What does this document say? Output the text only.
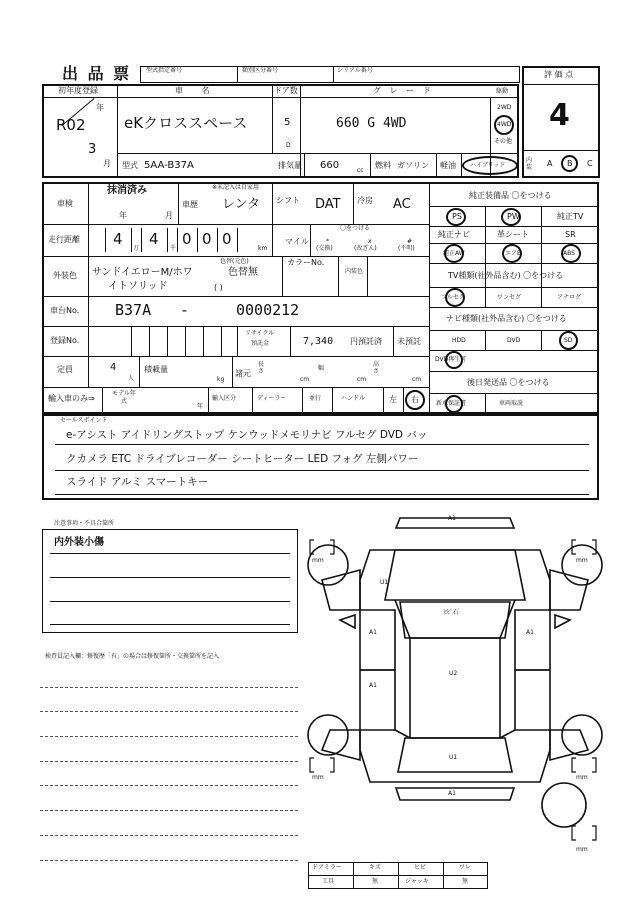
出 品 票 型式指定番号	類別区分番号	シリアル番号	評 価 点
4
内装 A B C
初年度登録
年
R02
3
月
車 名
eKクロススペース
ドア数
5
D
グ レ ー ド
660 G 4WD
駆動
2WD
4WD
その他
型式 5AA-B37A	排気量 660	cc
燃料 ガソリン 軽油 ハイブリッド
車検
抹消済み
年	月
※未記入は自家用
車歴 レンタ シフト DAT 冷房 AC
走行距離 4
万
4
千
0 0 0
km
マイル
〇をつける
*
(交換)
x
(改ざん)
#
(不明)
外装色
色替(元色)
サンドイエローM/ホワ	色替無
イトソリッド	( )
カラーNo.
内装色
車台No. B37A -	0000212
登録No.
リサイクル
預託金	7,340 円預託済 未預託
定員	4
人
積載量
kg
諸元
長さ
cm
幅
cm
高さ
cm
輸入車のみ⇒
モデル年式
年
輸入区分	ディーラー	並行	ハンドル	左 右
純正装備品 〇をつける
PS	PW	純正TV
純正ナビ	革シート	SR
純正AW	エアB	ABS
TV種類(社外品含む) 〇をつける
フルセグ	ワンセグ	アナログ
ナビ種類(社外品含む) 〇をつける
HDD	DVD	SD
DVD再生可
後日発送品 〇をつける
新車保証書	車両取説
セールスポイント
e-アシスト アイドリングストップ ケンウッドメモリナビ フルセグ DVD バッ
クカメラ ETC ドライブレコーダー シートヒーター LED フォグ 左側パワー
スライド アルミ スマートキー
注意事項・不具合箇所
内外装小傷
検査員記入欄：修復歴「有」の場合は修復箇所・交換箇所を記入
mm	mm
mm	mm
mm
A1
U1
ﾋﾋﾞ石
A1	A1
U2
A1
U1
A1
ドアミラー	キズ	ヒビ	ワレ
工具	無	ジャッキ	無
